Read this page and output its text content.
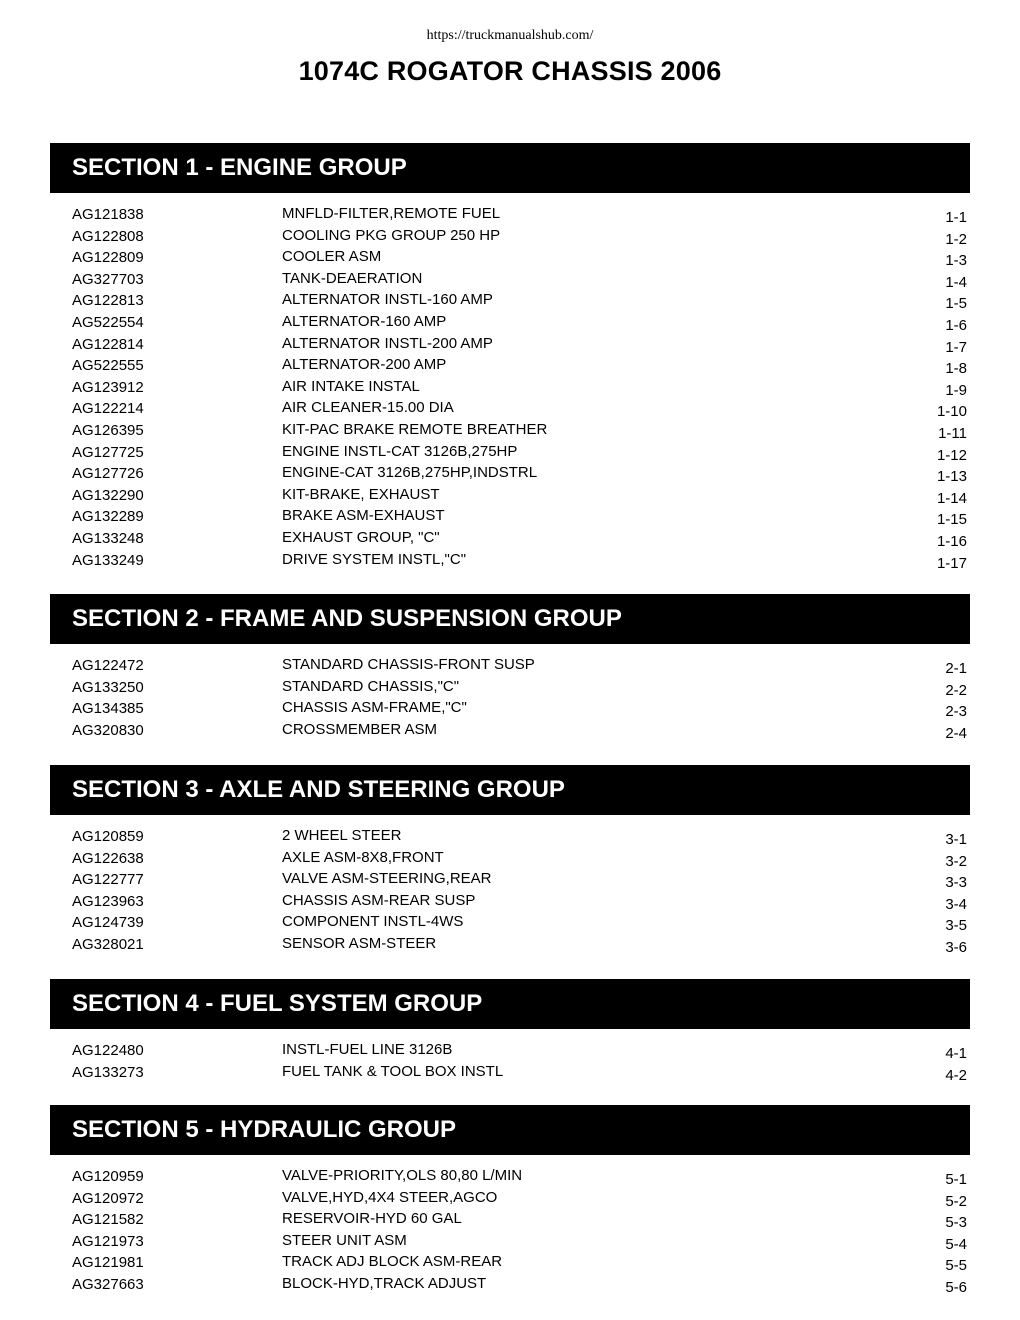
https://truckmanualshub.com/
1074C ROGATOR CHASSIS 2006
SECTION 1 - ENGINE GROUP
AG121838	MNFLD-FILTER,REMOTE FUEL	1-1
AG122808	COOLING PKG GROUP 250 HP	1-2
AG122809	COOLER ASM	1-3
AG327703	TANK-DEAERATION	1-4
AG122813	ALTERNATOR INSTL-160 AMP	1-5
AG522554	ALTERNATOR-160 AMP	1-6
AG122814	ALTERNATOR INSTL-200 AMP	1-7
AG522555	ALTERNATOR-200 AMP	1-8
AG123912	AIR INTAKE INSTAL	1-9
AG122214	AIR CLEANER-15.00 DIA	1-10
AG126395	KIT-PAC BRAKE REMOTE BREATHER	1-11
AG127725	ENGINE INSTL-CAT 3126B,275HP	1-12
AG127726	ENGINE-CAT 3126B,275HP,INDSTRL	1-13
AG132290	KIT-BRAKE, EXHAUST	1-14
AG132289	BRAKE ASM-EXHAUST	1-15
AG133248	EXHAUST GROUP, "C"	1-16
AG133249	DRIVE SYSTEM INSTL,"C"	1-17
SECTION 2 - FRAME AND SUSPENSION GROUP
AG122472	STANDARD CHASSIS-FRONT SUSP	2-1
AG133250	STANDARD CHASSIS,"C"	2-2
AG134385	CHASSIS ASM-FRAME,"C"	2-3
AG320830	CROSSMEMBER ASM	2-4
SECTION 3 - AXLE AND STEERING GROUP
AG120859	2 WHEEL STEER	3-1
AG122638	AXLE ASM-8X8,FRONT	3-2
AG122777	VALVE ASM-STEERING,REAR	3-3
AG123963	CHASSIS ASM-REAR SUSP	3-4
AG124739	COMPONENT INSTL-4WS	3-5
AG328021	SENSOR ASM-STEER	3-6
SECTION 4 - FUEL SYSTEM GROUP
AG122480	INSTL-FUEL LINE 3126B	4-1
AG133273	FUEL TANK & TOOL BOX INSTL	4-2
SECTION 5 - HYDRAULIC GROUP
AG120959	VALVE-PRIORITY,OLS 80,80 L/MIN	5-1
AG120972	VALVE,HYD,4X4 STEER,AGCO	5-2
AG121582	RESERVOIR-HYD 60 GAL	5-3
AG121973	STEER UNIT ASM	5-4
AG121981	TRACK ADJ BLOCK ASM-REAR	5-5
AG327663	BLOCK-HYD,TRACK ADJUST	5-6
